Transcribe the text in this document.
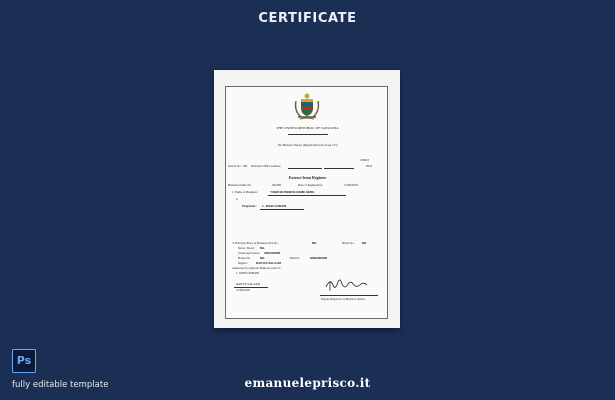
CERTIFICATE
THE UNITED REPUBLIC OF TANZANIA
The Business Names (Registration) Act (Cap 213)
218023
Search No. NIL Principal Office Address	2018
Extract from Register
Business Name No.	401669	Date of Registration	21/06/2018
1. Name of Business:	YUBRI BUSINESS NAME HERE
2.
Proprietor: 1. JOHN CHIKON
3. Principal Place of Business Plot No.	NIL	Block No.	NIL
Street / Road: NIL
Unsurveyed Area: UNKNOWN
House No.	NIL	District:	KINONDONI
Region:	DAR ES SALAAM
Authorized to Operate Bank Account of:
1. JOHN CHIKON
DAR ES SALAAM
21/06/2018
Deputy Registrar of Business Names
Ps
fully editable template	emanueleprisco.it
